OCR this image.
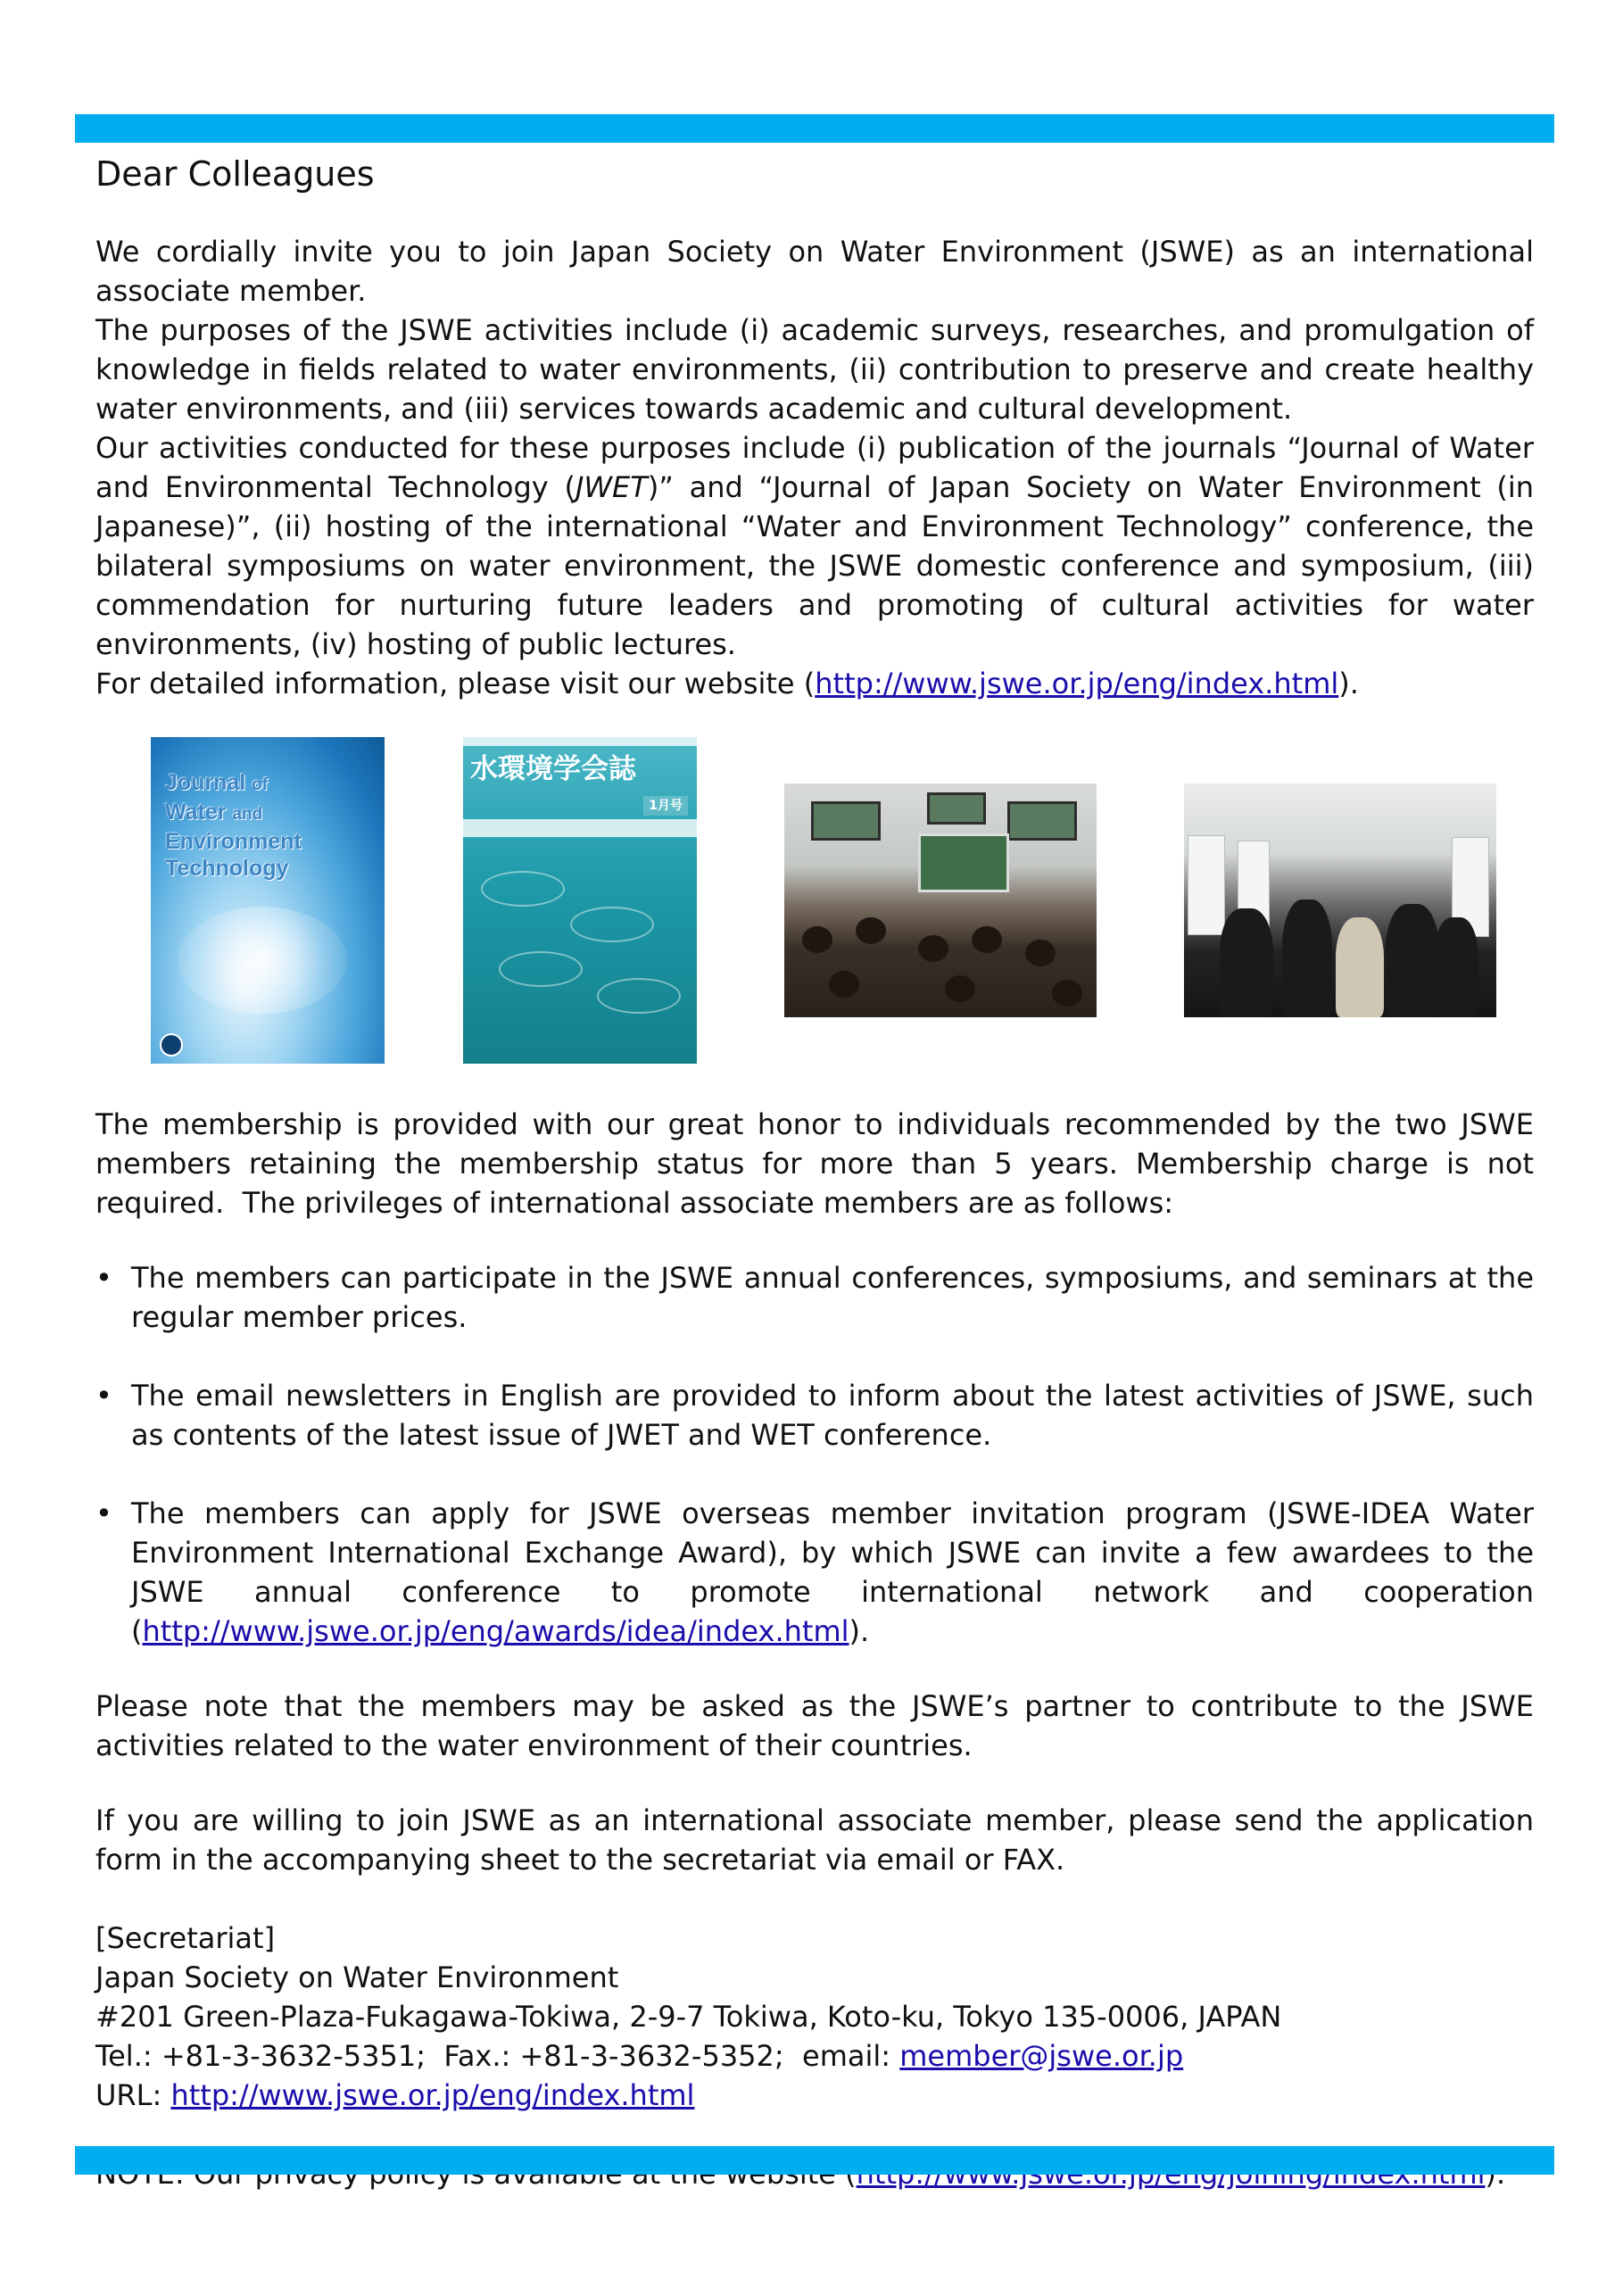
Dear Colleagues

We cordially invite you to join Japan Society on Water Environment (JSWE) as an international associate member.

The purposes of the JSWE activities include (i) academic surveys, researches, and promulgation of knowledge in fields related to water environments, (ii) contribution to preserve and create healthy water environments, and (iii) services towards academic and cultural development.

Our activities conducted for these purposes include (i) publication of the journals “Journal of Water and Environmental Technology (JWET)” and “Journal of Japan Society on Water Environment (in Japanese)”, (ii) hosting of the international “Water and Environment Technology” conference, the bilateral symposiums on water environment, the JSWE domestic conference and symposium, (iii) commendation for nurturing future leaders and promoting of cultural activities for water environments, (iv) hosting of public lectures.

For detailed information, please visit our website (http://www.jswe.or.jp/eng/index.html).

Journal of
Water and
Environment
Technology
水環境学会誌
1月号

The membership is provided with our great honor to individuals recommended by the two JSWE members retaining the membership status for more than 5 years. Membership charge is not required.  The privileges of international associate members are as follows:

• The members can participate in the JSWE annual conferences, symposiums, and seminars at the regular member prices.
• The email newsletters in English are provided to inform about the latest activities of JSWE, such as contents of the latest issue of JWET and WET conference.
• The members can apply for JSWE overseas member invitation program (JSWE-IDEA Water Environment International Exchange Award), by which JSWE can invite a few awardees to the JSWE annual conference to promote international network and cooperation (http://www.jswe.or.jp/eng/awards/idea/index.html).

Please note that the members may be asked as the JSWE’s partner to contribute to the JSWE activities related to the water environment of their countries.

If you are willing to join JSWE as an international associate member, please send the application form in the accompanying sheet to the secretariat via email or FAX.

[Secretariat]
Japan Society on Water Environment
#201 Green-Plaza-Fukagawa-Tokiwa, 2-9-7 Tokiwa, Koto-ku, Tokyo 135-0006, JAPAN
Tel.: +81-3-3632-5351;  Fax.: +81-3-3632-5352;  email: member@jswe.or.jp
URL: http://www.jswe.or.jp/eng/index.html
